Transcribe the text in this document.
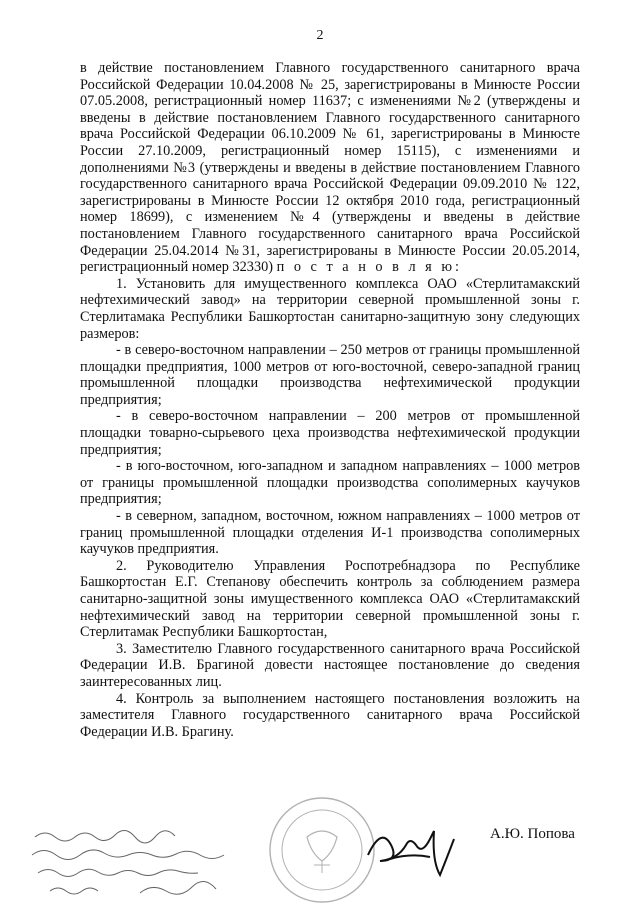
2

в действие постановлением Главного государственного санитарного врача Российской Федерации 10.04.2008 № 25, зарегистрированы в Минюсте России 07.05.2008, регистрационный номер 11637; с изменениями №2 (утверждены и введены в действие постановлением Главного государственного санитарного врача Российской Федерации 06.10.2009 № 61, зарегистрированы в Минюсте России 27.10.2009, регистрационный номер 15115), с изменениями и дополнениями №3 (утверждены и введены в действие постановлением Главного государственного санитарного врача Российской Федерации 09.09.2010 № 122, зарегистрированы в Минюсте России 12 октября 2010 года, регистрационный номер 18699), с изменением №4 (утверждены и введены в действие постановлением Главного государственного санитарного врача Российской Федерации 25.04.2014 №31, зарегистрированы в Минюсте России 20.05.2014, регистрационный номер 32330) п о с т а н о в л я ю:

1. Установить для имущественного комплекса ОАО «Стерлитамакский нефтехимический завод» на территории северной промышленной зоны г. Стерлитамака Республики Башкортостан санитарно-защитную зону следующих размеров:

- в северо-восточном направлении – 250 метров от границы промышленной площадки предприятия, 1000 метров от юго-восточной, северо-западной границ промышленной площадки производства нефтехимической продукции предприятия;

- в северо-восточном направлении – 200 метров от промышленной площадки товарно-сырьевого цеха производства нефтехимической продукции предприятия;

- в юго-восточном, юго-западном и западном направлениях – 1000 метров от границы промышленной площадки производства сополимерных каучуков предприятия;

- в северном, западном, восточном, южном направлениях – 1000 метров от границ промышленной площадки отделения И-1 производства сополимерных каучуков предприятия.

2. Руководителю Управления Роспотребнадзора по Республике Башкортостан Е.Г. Степанову обеспечить контроль за соблюдением размера санитарно-защитной зоны имущественного комплекса ОАО «Стерлитамакский нефтехимический завод на территории северной промышленной зоны г. Стерлитамак Республики Башкортостан,

3. Заместителю Главного государственного санитарного врача Российской Федерации И.В. Брагиной довести настоящее постановление до сведения заинтересованных лиц.

4. Контроль за выполнением настоящего постановления возложить на заместителя Главного государственного санитарного врача Российской Федерации И.В. Брагину.

А.Ю. Попова
